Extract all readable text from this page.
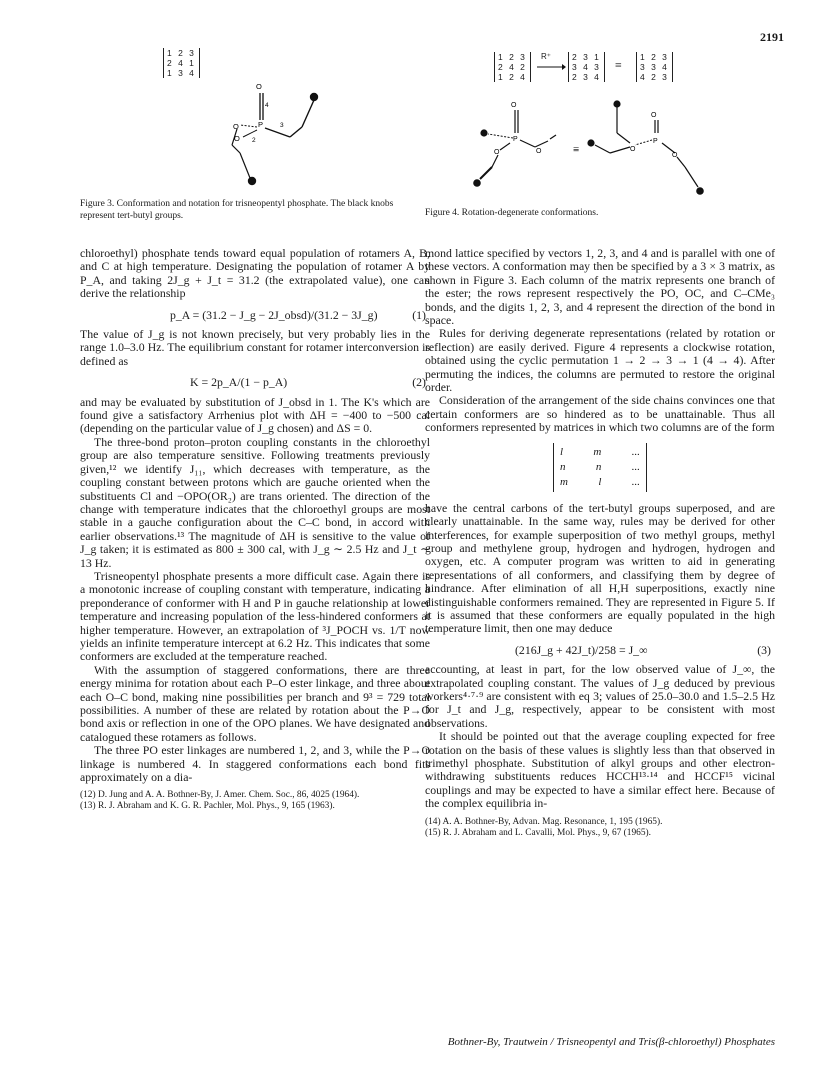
2191
1 2 3
2 4 1
1 3 4
O
P
4
3
2
O
O
Figure 3. Conformation and notation for trisneopentyl phosphate. The black knobs represent tert-butyl groups.
1 2 3
2 4 2
1 2 4
R⁺ 2 3 1
3 4 3
2 3 4
≡
1 2 3
3 3 4
4 2 3
O
P
O	O	≡
O
P
O
O
Figure 4. Rotation-degenerate conformations.

chloroethyl) phosphate tends toward equal population of rotamers A, B, and C at high temperature. Designating the population of rotamer A by P_A, and taking 2J_g + J_t = 31.2 (the extrapolated value), one can derive the relationship

p_A = (31.2 − J_g − 2J_obsd)/(31.2 − 3J_g)	(1)

The value of J_g is not known precisely, but very probably lies in the range 1.0–3.0 Hz. The equilibrium constant for rotamer interconversion is defined as

K = 2p_A/(1 − p_A)	(2)

and may be evaluated by substitution of J_obsd in 1. The K's which are found give a satisfactory Arrhenius plot with ΔH = −400 to −500 cal (depending on the particular value of J_g chosen) and ΔS = 0.

The three-bond proton–proton coupling constants in the chloroethyl group are also temperature sensitive. Following treatments previously given,¹² we identify J₁₁, which decreases with temperature, as the coupling constant between protons which are gauche oriented when the substituents Cl and −OPO(OR₂) are trans oriented. The direction of the change with temperature indicates that the chloroethyl groups are most stable in a gauche configuration about the C–C bond, in accord with earlier observations.¹³ The magnitude of ΔH is sensitive to the value of J_g taken; it is estimated as 800 ± 300 cal, with J_g ∼ 2.5 Hz and J_t ∼ 13 Hz.

Trisneopentyl phosphate presents a more difficult case. Again there is a monotonic increase of coupling constant with temperature, indicating a preponderance of conformer with H and P in gauche relationship at lower temperature and increasing population of the less-hindered conformers at higher temperature. However, an extrapolation of ³J_POCH vs. 1/T now yields an infinite temperature intercept at 6.2 Hz. This indicates that some conformers are excluded at the temperature reached.

With the assumption of staggered conformations, there are three energy minima for rotation about each P–O ester linkage, and three about each O–C bond, making nine possibilities per branch and 9³ = 729 total possibilities. A number of these are related by rotation about the P→O bond axis or reflection in one of the OPO planes. We have designated and catalogued these rotamers as follows.

The three PO ester linkages are numbered 1, 2, and 3, while the P→O linkage is numbered 4. In staggered conformations each bond fits approximately on a dia-

(12) D. Jung and A. A. Bothner-By, J. Amer. Chem. Soc., 86, 4025 (1964).
(13) R. J. Abraham and K. G. R. Pachler, Mol. Phys., 9, 165 (1963).

mond lattice specified by vectors 1, 2, 3, and 4 and is parallel with one of these vectors. A conformation may then be specified by a 3 × 3 matrix, as shown in Figure 3. Each column of the matrix represents one branch of the ester; the rows represent respectively the PO, OC, and C–CMe₃ bonds, and the digits 1, 2, 3, and 4 represent the direction of the bond in space.

Rules for deriving degenerate representations (related by rotation or reflection) are easily derived. Figure 4 represents a clockwise rotation, obtained using the cyclic permutation 1 → 2 → 3 → 1 (4 → 4). After permuting the indices, the columns are permuted to restore the original order.

Consideration of the arrangement of the side chains convinces one that certain conformers are so hindered as to be unattainable. Thus all conformers represented by matrices in which two columns are of the form

l	m	...
n	n	...
m	l	...

have the central carbons of the tert-butyl groups superposed, and are clearly unattainable. In the same way, rules may be derived for other interferences, for example superposition of two methyl groups, methyl group and methylene group, hydrogen and hydrogen, hydrogen and oxygen, etc. A computer program was written to aid in generating representations of all conformers, and classifying them by degree of hindrance. After elimination of all H,H superpositions, exactly nine distinguishable conformers remained. They are represented in Figure 5. If it is assumed that these conformers are equally populated in the high temperature limit, then one may deduce

(216J_g + 42J_t)/258 = J_∞	(3)

accounting, at least in part, for the low observed value of J_∞, the extrapolated coupling constant. The values of J_g deduced by previous workers⁴·⁷·⁹ are consistent with eq 3; values of 25.0–30.0 and 1.5–2.5 Hz for J_t and J_g, respectively, appear to be consistent with most observations.

It should be pointed out that the average coupling expected for free rotation on the basis of these values is slightly less than that observed in trimethyl phosphate. Substitution of alkyl groups and other electron-withdrawing substituents reduces HCCH¹³·¹⁴ and HCCF¹⁵ vicinal couplings and may be expected to have a similar effect here. Because of the complex equilibria in-

(14) A. A. Bothner-By, Advan. Mag. Resonance, 1, 195 (1965).
(15) R. J. Abraham and L. Cavalli, Mol. Phys., 9, 67 (1965).
Bothner-By, Trautwein / Trisneopentyl and Tris(β-chloroethyl) Phosphates
